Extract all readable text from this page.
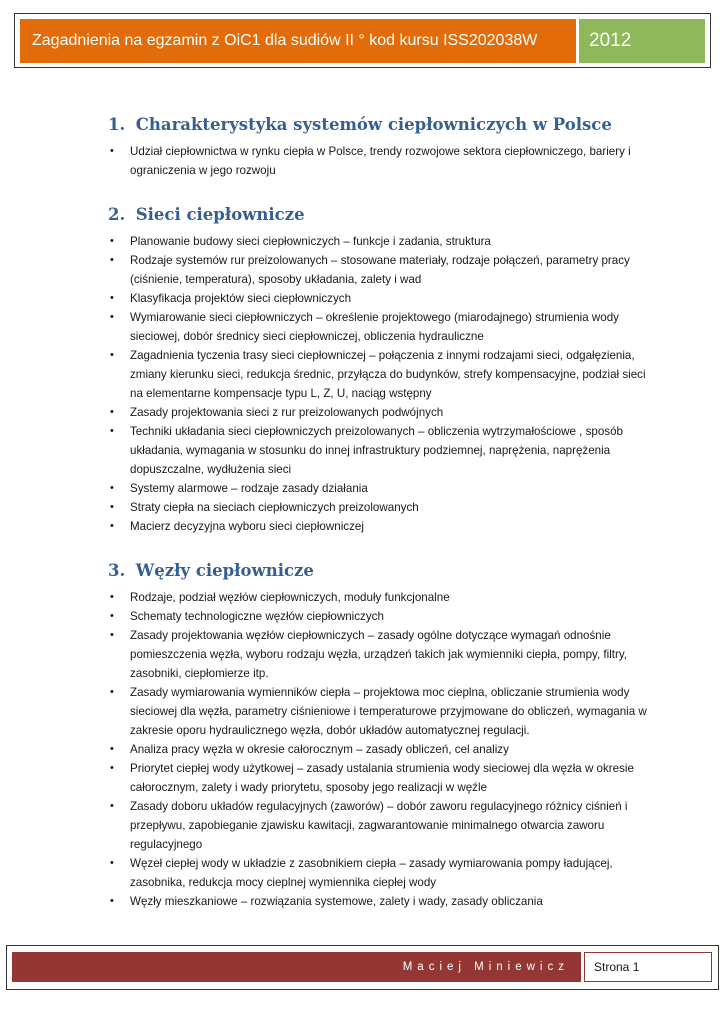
Zagadnienia na egzamin z OiC1 dla sudiów II ° kod kursu ISS202038W	2012
1. Charakterystyka systemów ciepłowniczych w Polsce
• Udział ciepłownictwa w rynku ciepła w Polsce, trendy rozwojowe sektora ciepłowniczego, bariery i ograniczenia w jego rozwoju
2. Sieci ciepłownicze
• Planowanie budowy sieci ciepłowniczych – funkcje i zadania, struktura
• Rodzaje systemów rur preizolowanych – stosowane materiały, rodzaje połączeń, parametry pracy (ciśnienie, temperatura), sposoby układania, zalety i wad
• Klasyfikacja projektów sieci ciepłowniczych
• Wymiarowanie sieci ciepłowniczych – określenie projektowego (miarodajnego) strumienia wody sieciowej, dobór średnicy sieci ciepłowniczej, obliczenia hydrauliczne
• Zagadnienia tyczenia trasy sieci ciepłowniczej – połączenia z innymi rodzajami sieci, odgałęzienia, zmiany kierunku sieci, redukcja średnic, przyłącza do budynków, strefy kompensacyjne, podział sieci na elementarne kompensacje typu L, Z, U, naciąg wstępny
• Zasady projektowania sieci z rur preizolowanych podwójnych
• Techniki układania sieci ciepłowniczych preizolowanych – obliczenia wytrzymałościowe , sposób układania, wymagania w stosunku do innej infrastruktury podziemnej, naprężenia, naprężenia dopuszczalne, wydłużenia sieci
• Systemy alarmowe – rodzaje zasady działania
• Straty ciepła na sieciach ciepłowniczych preizolowanych
• Macierz decyzyjna wyboru sieci ciepłowniczej
3. Węzły ciepłownicze
• Rodzaje, podział węzłów ciepłowniczych, moduły funkcjonalne
• Schematy technologiczne węzłów ciepłowniczych
• Zasady projektowania węzłów ciepłowniczych – zasady ogólne dotyczące wymagań odnośnie pomieszczenia węzła, wyboru rodzaju węzła, urządzeń takich jak wymienniki ciepła, pompy, filtry, zasobniki, ciepłomierze itp.
• Zasady wymiarowania wymienników ciepła – projektowa moc cieplna, obliczanie strumienia wody sieciowej dla węzła, parametry ciśnieniowe i temperaturowe przyjmowane do obliczeń, wymagania w zakresie oporu hydraulicznego węzła, dobór układów automatycznej regulacji.
• Analiza pracy węzła w okresie całorocznym – zasady obliczeń, cel analizy
• Priorytet ciepłej wody użytkowej – zasady ustalania strumienia wody sieciowej dla węzła w okresie całorocznym, zalety i wady priorytetu, sposoby jego realizacji w węźle
• Zasady doboru układów regulacyjnych (zaworów) – dobór zaworu regulacyjnego różnicy ciśnień i przepływu, zapobieganie zjawisku kawitacji, zagwarantowanie minimalnego otwarcia zaworu regulacyjnego
• Węzeł ciepłej wody w układzie z zasobnikiem ciepła – zasady wymiarowania pompy ładującej, zasobnika, redukcja mocy cieplnej wymiennika ciepłej wody
• Węzły mieszkaniowe – rozwiązania systemowe, zalety i wady, zasady obliczania
Maciej Miniewicz	Strona 1
